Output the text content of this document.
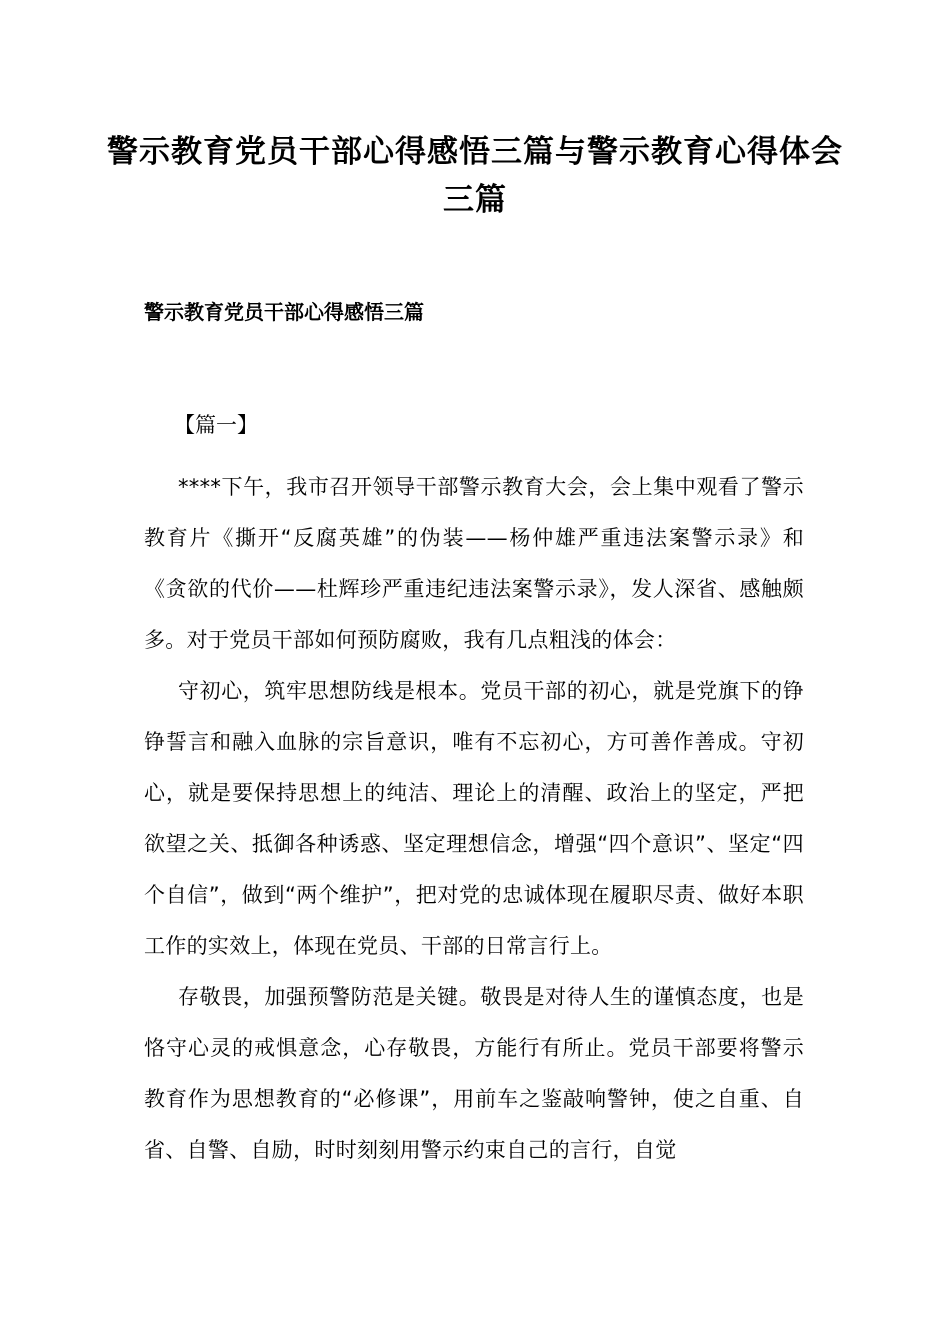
警示教育党员干部心得感悟三篇与警示教育心得体会三篇
警示教育党员干部心得感悟三篇

【篇一】

****下午，我市召开领导干部警示教育大会，会上集中观看了警示教育片《撕开“反腐英雄”的伪装——杨仲雄严重违法案警示录》和《贪欲的代价——杜辉珍严重违纪违法案警示录》，发人深省、感触颇多。对于党员干部如何预防腐败，我有几点粗浅的体会：

守初心，筑牢思想防线是根本。党员干部的初心，就是党旗下的铮铮誓言和融入血脉的宗旨意识，唯有不忘初心，方可善作善成。守初心，就是要保持思想上的纯洁、理论上的清醒、政治上的坚定，严把欲望之关、抵御各种诱惑、坚定理想信念，增强“四个意识”、坚定“四个自信”，做到“两个维护”，把对党的忠诚体现在履职尽责、做好本职工作的实效上，体现在党员、干部的日常言行上。

存敬畏，加强预警防范是关键。敬畏是对待人生的谨慎态度，也是恪守心灵的戒惧意念，心存敬畏，方能行有所止。党员干部要将警示教育作为思想教育的“必修课”，用前车之鉴敲响警钟，使之自重、自省、自警、自励，时时刻刻用警示约束自己的言行，自觉
